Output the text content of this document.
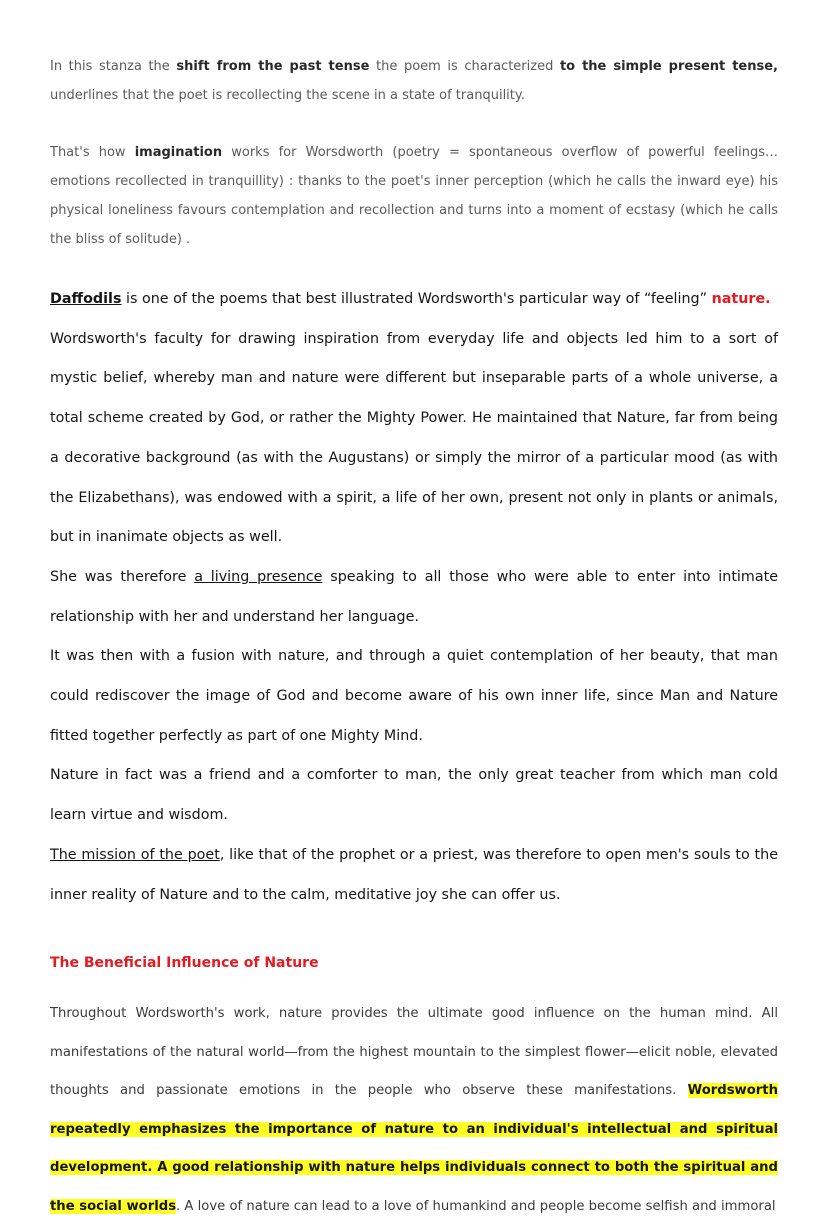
In this stanza the shift from the past tense the poem is characterized to the simple present tense, underlines that the poet is recollecting the scene in a state of tranquility.

That's how imagination works for Worsdworth (poetry = spontaneous overflow of powerful feelings…emotions recollected in tranquillity) : thanks to the poet's inner perception (which he calls the inward eye) his physical loneliness favours contemplation and recollection and turns into a moment of ecstasy (which he calls the bliss of solitude) .

Daffodils is one of the poems that best illustrated Wordsworth's particular way of “feeling” nature.

Wordsworth's faculty for drawing inspiration from everyday life and objects led him to a sort of mystic belief, whereby man and nature were different but inseparable parts of a whole universe, a total scheme created by God, or rather the Mighty Power. He maintained that Nature, far from being a decorative background (as with the Augustans) or simply the mirror of a particular mood (as with the Elizabethans), was endowed with a spirit, a life of her own, present not only in plants or animals, but in inanimate objects as well.

She was therefore a living presence speaking to all those who were able to enter into intimate relationship with her and understand her language.

It was then with a fusion with nature, and through a quiet contemplation of her beauty, that man could rediscover the image of God and become aware of his own inner life, since Man and Nature fitted together perfectly as part of one Mighty Mind.

Nature in fact was a friend and a comforter to man, the only great teacher from which man cold learn virtue and wisdom.

The mission of the poet, like that of the prophet or a priest, was therefore to open men's souls to the inner reality of Nature and to the calm, meditative joy she can offer us.

The Beneficial Influence of Nature

Throughout Wordsworth's work, nature provides the ultimate good influence on the human mind. All manifestations of the natural world—from the highest mountain to the simplest flower—elicit noble, elevated thoughts and passionate emotions in the people who observe these manifestations. Wordsworth repeatedly emphasizes the importance of nature to an individual's intellectual and spiritual development. A good relationship with nature helps individuals connect to both the spiritual and the social worlds. A love of nature can lead to a love of humankind and people become selfish and immoral
